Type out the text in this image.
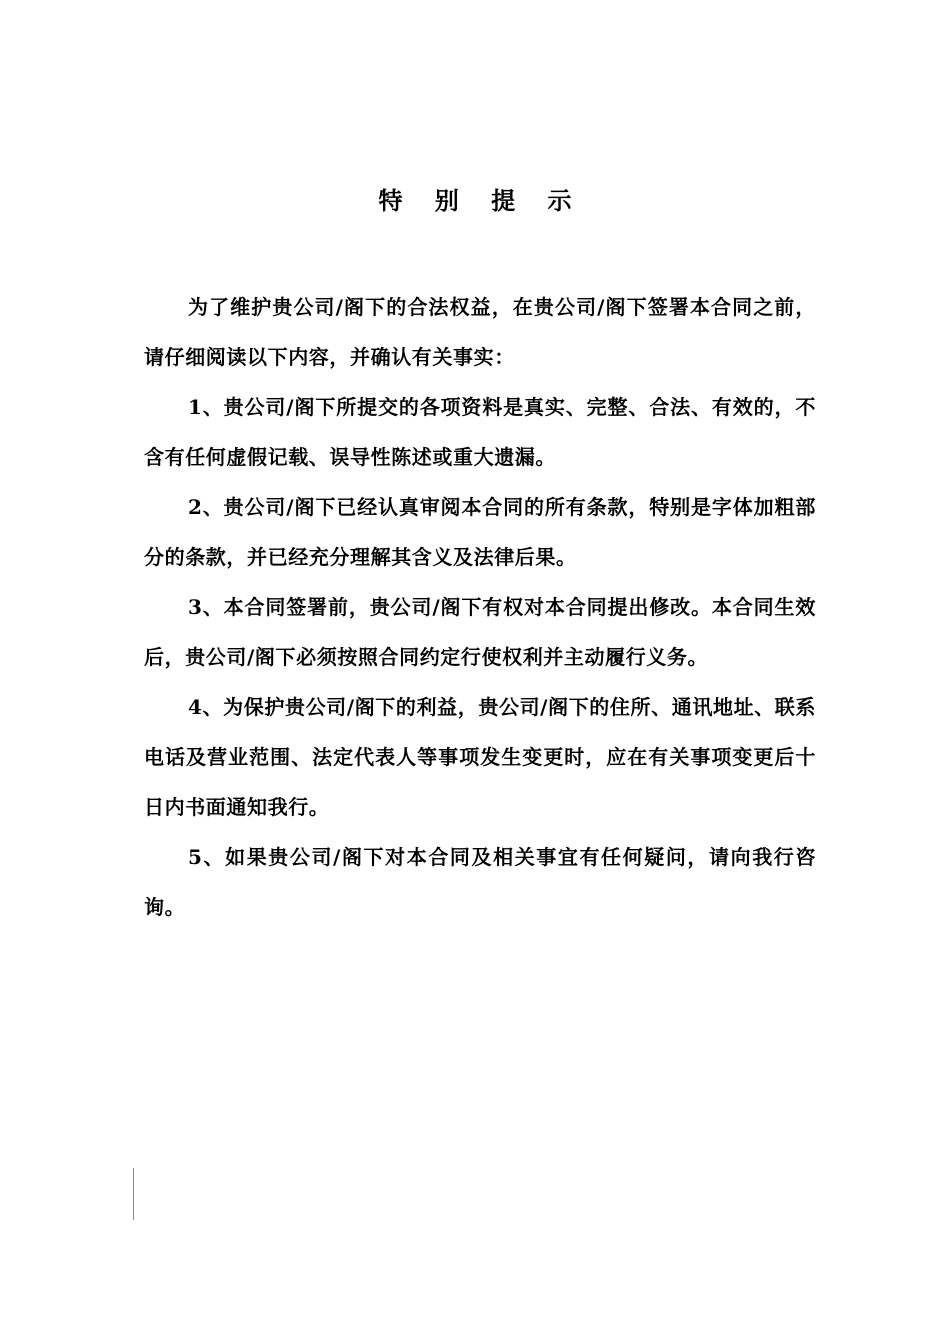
特 别 提 示

为了维护贵公司/阁下的合法权益，在贵公司/阁下签署本合同之前，请仔细阅读以下内容，并确认有关事实：

1、贵公司/阁下所提交的各项资料是真实、完整、合法、有效的，不含有任何虚假记载、误导性陈述或重大遗漏。

2、贵公司/阁下已经认真审阅本合同的所有条款，特别是字体加粗部分的条款，并已经充分理解其含义及法律后果。

3、本合同签署前，贵公司/阁下有权对本合同提出修改。本合同生效后，贵公司/阁下必须按照合同约定行使权利并主动履行义务。

4、为保护贵公司/阁下的利益，贵公司/阁下的住所、通讯地址、联系电话及营业范围、法定代表人等事项发生变更时，应在有关事项变更后十日内书面通知我行。

5、如果贵公司/阁下对本合同及相关事宜有任何疑问，请向我行咨询。
